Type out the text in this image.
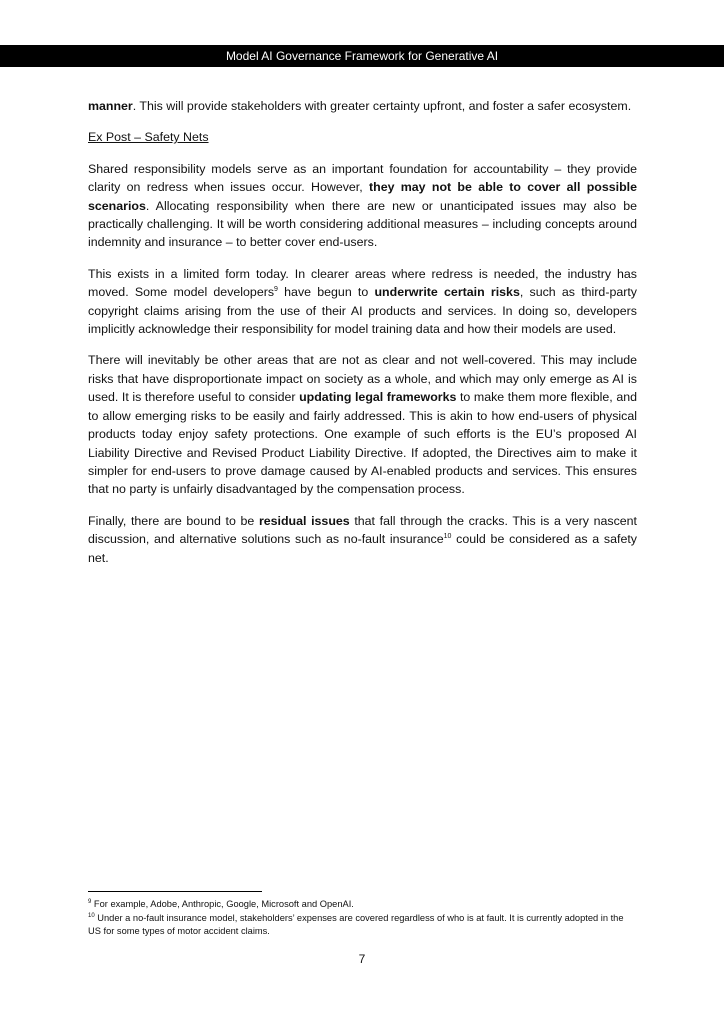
Model AI Governance Framework for Generative AI

manner. This will provide stakeholders with greater certainty upfront, and foster a safer ecosystem.

Ex Post – Safety Nets

Shared responsibility models serve as an important foundation for accountability – they provide clarity on redress when issues occur. However, they may not be able to cover all possible scenarios. Allocating responsibility when there are new or unanticipated issues may also be practically challenging. It will be worth considering additional measures – including concepts around indemnity and insurance – to better cover end-users.

This exists in a limited form today. In clearer areas where redress is needed, the industry has moved. Some model developers$^9$ have begun to underwrite certain risks, such as third-party copyright claims arising from the use of their AI products and services. In doing so, developers implicitly acknowledge their responsibility for model training data and how their models are used.

There will inevitably be other areas that are not as clear and not well-covered. This may include risks that have disproportionate impact on society as a whole, and which may only emerge as AI is used. It is therefore useful to consider updating legal frameworks to make them more flexible, and to allow emerging risks to be easily and fairly addressed. This is akin to how end-users of physical products today enjoy safety protections. One example of such efforts is the EU’s proposed AI Liability Directive and Revised Product Liability Directive. If adopted, the Directives aim to make it simpler for end-users to prove damage caused by AI-enabled products and services. This ensures that no party is unfairly disadvantaged by the compensation process.

Finally, there are bound to be residual issues that fall through the cracks. This is a very nascent discussion, and alternative solutions such as no-fault insurance$^{10}$ could be considered as a safety net.

$^9$ For example, Adobe, Anthropic, Google, Microsoft and OpenAI.

$^{10}$ Under a no-fault insurance model, stakeholders’ expenses are covered regardless of who is at fault. It is currently adopted in the US for some types of motor accident claims.

7
